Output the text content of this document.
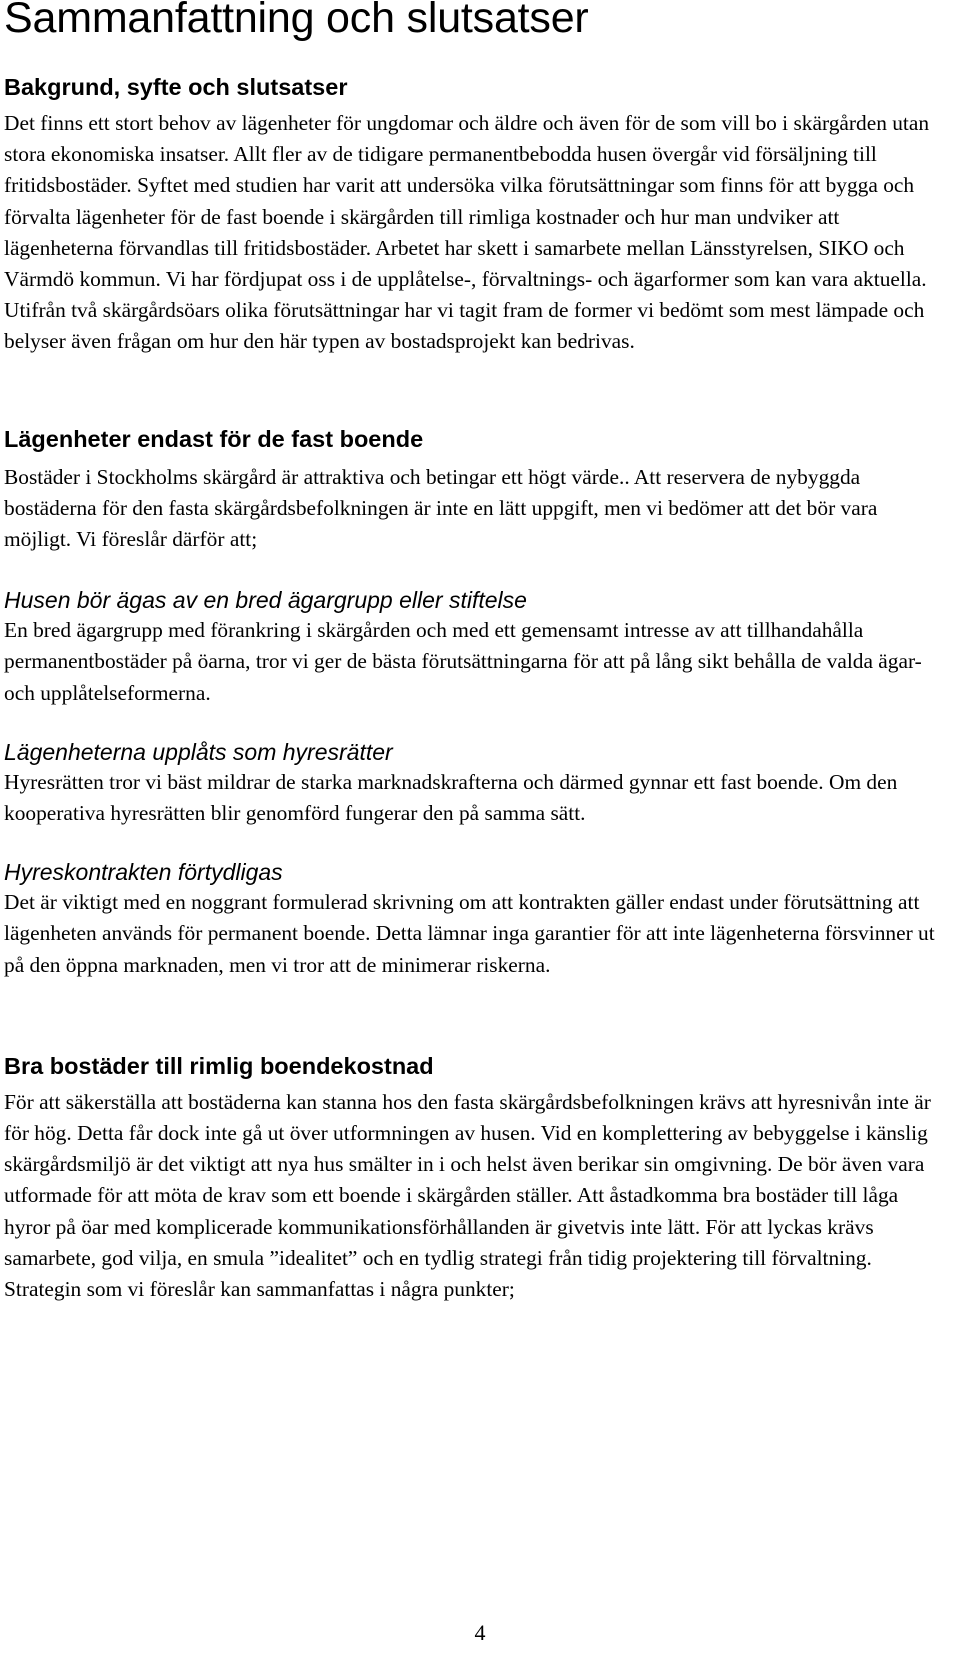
Sammanfattning och slutsatser
Bakgrund, syfte och slutsatser

Det finns ett stort behov av lägenheter för ungdomar och äldre och även för de som vill bo i skärgården utan stora ekonomiska insatser. Allt fler av de tidigare permanentbebodda husen övergår vid försäljning till fritidsbostäder. Syftet med studien har varit att undersöka vilka förutsättningar som finns för att bygga och förvalta lägenheter för de fast boende i skärgården till rimliga kostnader och hur man undviker att lägenheterna förvandlas till fritidsbostäder. Arbetet har skett i samarbete mellan Länsstyrelsen, SIKO och Värmdö kommun. Vi har fördjupat oss i de upplåtelse-, förvaltnings- och ägarformer som kan vara aktuella. Utifrån två skärgårdsöars olika förutsättningar har vi tagit fram de former vi bedömt som mest lämpade och belyser även frågan om hur den här typen av bostadsprojekt kan bedrivas.

Lägenheter endast för de fast boende

Bostäder i Stockholms skärgård är attraktiva och betingar ett högt värde.. Att reservera de nybyggda bostäderna för den fasta skärgårdsbefolkningen är inte en lätt uppgift, men vi bedömer att det bör vara möjligt. Vi föreslår därför att;

Husen bör ägas av en bred ägargrupp eller stiftelse

En bred ägargrupp med förankring i skärgården och med ett gemensamt intresse av att tillhandahålla permanentbostäder på öarna, tror vi ger de bästa förutsättningarna för att på lång sikt behålla de valda ägar- och upplåtelseformerna.

Lägenheterna upplåts som hyresrätter

Hyresrätten tror vi bäst mildrar de starka marknadskrafterna och därmed gynnar ett fast boende. Om den kooperativa hyresrätten blir genomförd fungerar den på samma sätt.

Hyreskontrakten förtydligas

Det är viktigt med en noggrant formulerad skrivning om att kontrakten gäller endast under förutsättning att lägenheten används för permanent boende. Detta lämnar inga garantier för att inte lägenheterna försvinner ut på den öppna marknaden, men vi tror att de minimerar riskerna.

Bra bostäder till rimlig boendekostnad

För att säkerställa att bostäderna kan stanna hos den fasta skärgårdsbefolkningen krävs att hyresnivån inte är för hög. Detta får dock inte gå ut över utformningen av husen. Vid en komplettering av bebyggelse i känslig skärgårdsmiljö är det viktigt att nya hus smälter in i och helst även berikar sin omgivning. De bör även vara utformade för att möta de krav som ett boende i skärgården ställer. Att åstadkomma bra bostäder till låga hyror på öar med komplicerade kommunikationsförhållanden är givetvis inte lätt. För att lyckas krävs samarbete, god vilja, en smula ”idealitet” och en tydlig strategi från tidig projektering till förvaltning. Strategin som vi föreslår kan sammanfattas i några punkter;

4
